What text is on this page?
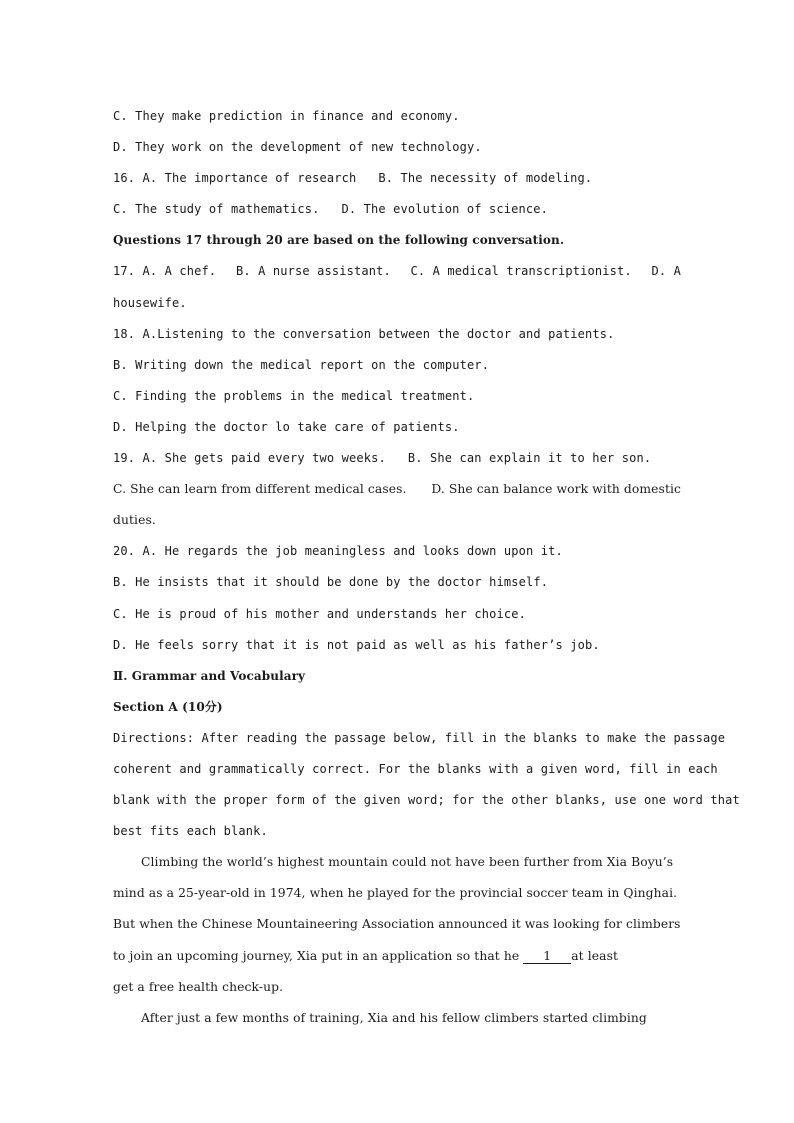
C. They make prediction in finance and economy.
D. They work on the development of new technology.
16. A. The importance of research B. The necessity of modeling.
C. The study of mathematics. D. The evolution of science.
Questions 17 through 20 are based on the following conversation.
17. A. A chef. B. A nurse assistant. C. A medical transcriptionist. D. A
housewife.
18. A.Listening to the conversation between the doctor and patients.
B. Writing down the medical report on the computer.
C. Finding the problems in the medical treatment.
D. Helping the doctor lo take care of patients.
19. A. She gets paid every two weeks. B. She can explain it to her son.
C. She can learn from different medical cases. D. She can balance work with domestic
duties.
20. A. He regards the job meaningless and looks down upon it.
B. He insists that it should be done by the doctor himself.
C. He is proud of his mother and understands her choice.
D. He feels sorry that it is not paid as well as his father’s job.
Ⅱ. Grammar and Vocabulary
Section A (10分)
Directions: After reading the passage below, fill in the blanks to make the passage
coherent and grammatically correct. For the blanks with a given word, fill in each
blank with the proper form of the given word; for the other blanks, use one word that
best fits each blank.
Climbing the world’s highest mountain could not have been further from Xia Boyu’s
mind as a 25-year-old in 1974, when he played for the provincial soccer team in Qinghai.
But when the Chinese Mountaineering Association announced it was looking for climbers
to join an upcoming journey, Xia put in an application so that he 1 at least
get a free health check-up.
After just a few months of training, Xia and his fellow climbers started climbing
